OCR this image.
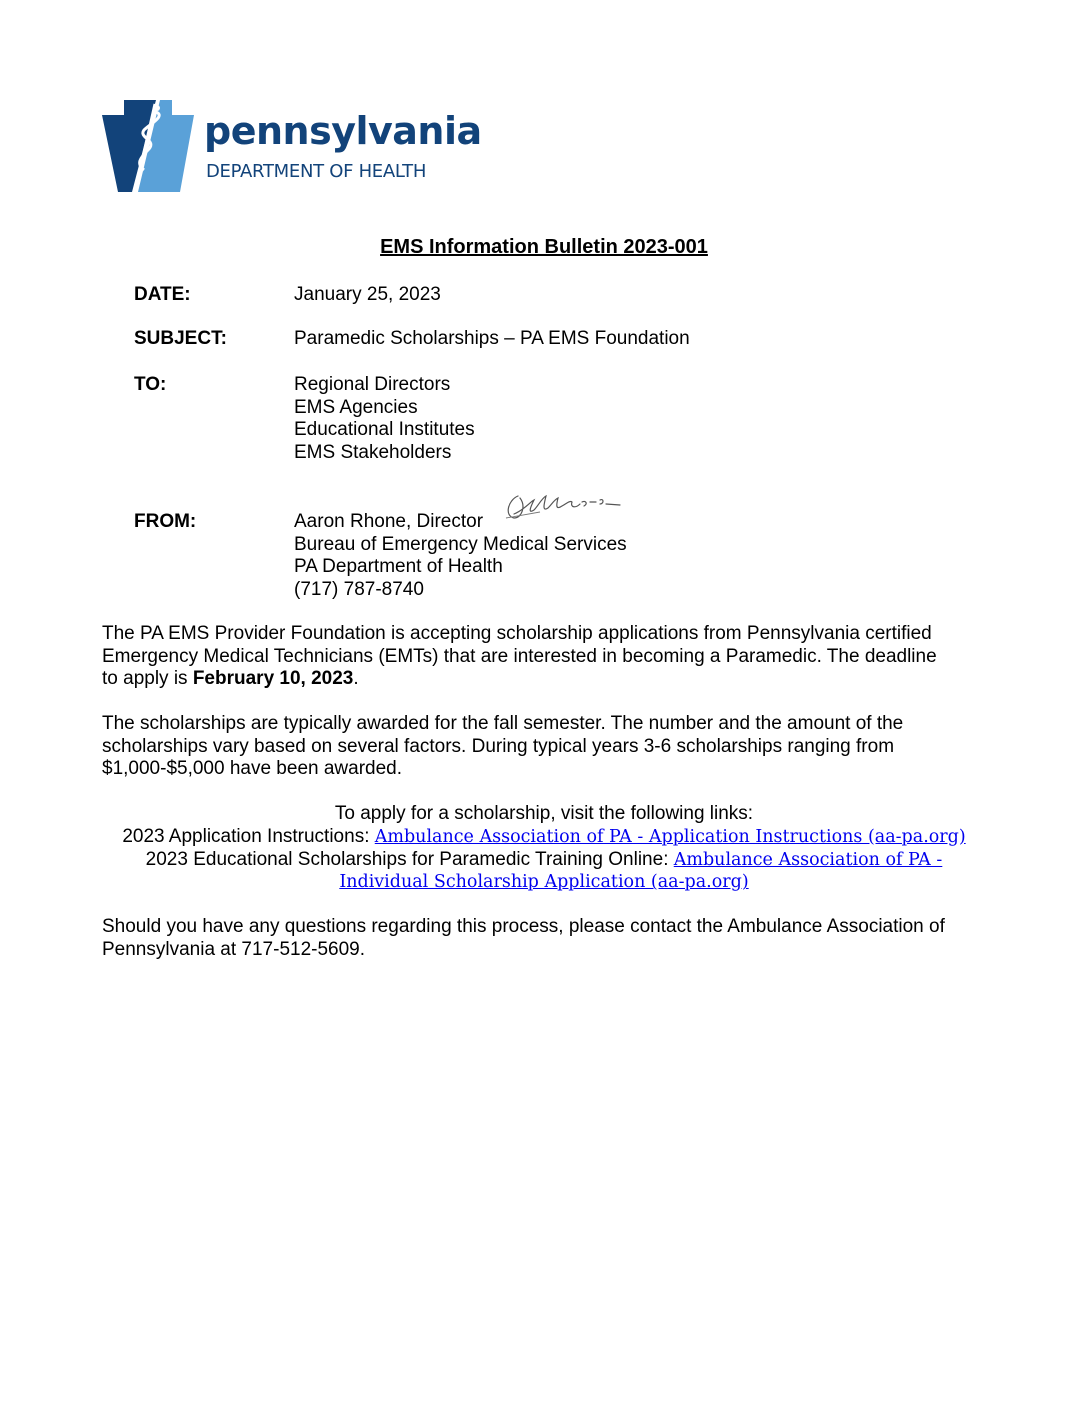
pennsylvania
DEPARTMENT OF HEALTH
EMS Information Bulletin 2023-001
DATE:	January 25, 2023
SUBJECT:	Paramedic Scholarships – PA EMS Foundation
TO:	Regional Directors
EMS Agencies
Educational Institutes
EMS Stakeholders
FROM:	Aaron Rhone, Director
Bureau of Emergency Medical Services
PA Department of Health
(717) 787-8740
The PA EMS Provider Foundation is accepting scholarship applications from Pennsylvania certified
Emergency Medical Technicians (EMTs) that are interested in becoming a Paramedic. The deadline
to apply is February 10, 2023.
The scholarships are typically awarded for the fall semester. The number and the amount of the
scholarships vary based on several factors. During typical years 3-6 scholarships ranging from
$1,000-$5,000 have been awarded.
To apply for a scholarship, visit the following links:
2023 Application Instructions: Ambulance Association of PA - Application Instructions (aa-pa.org)
2023 Educational Scholarships for Paramedic Training Online: Ambulance Association of PA -
Individual Scholarship Application (aa-pa.org)
Should you have any questions regarding this process, please contact the Ambulance Association of
Pennsylvania at 717-512-5609.
